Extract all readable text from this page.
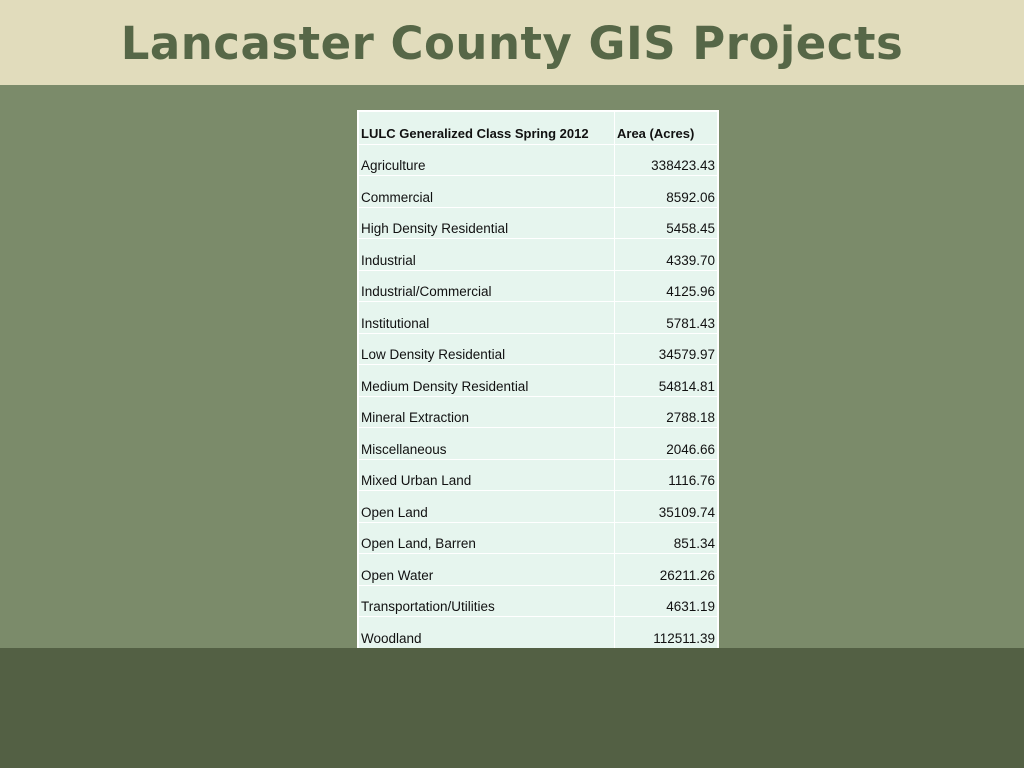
Lancaster County GIS Projects
LULC Generalized Class Spring 2012	Area (Acres)
Agriculture	338423.43
Commercial	8592.06
High Density Residential	5458.45
Industrial	4339.70
Industrial/Commercial	4125.96
Institutional	5781.43
Low Density Residential	34579.97
Medium Density Residential	54814.81
Mineral Extraction	2788.18
Miscellaneous	2046.66
Mixed Urban Land	1116.76
Open Land	35109.74
Open Land, Barren	851.34
Open Water	26211.26
Transportation/Utilities	4631.19
Woodland	112511.39
